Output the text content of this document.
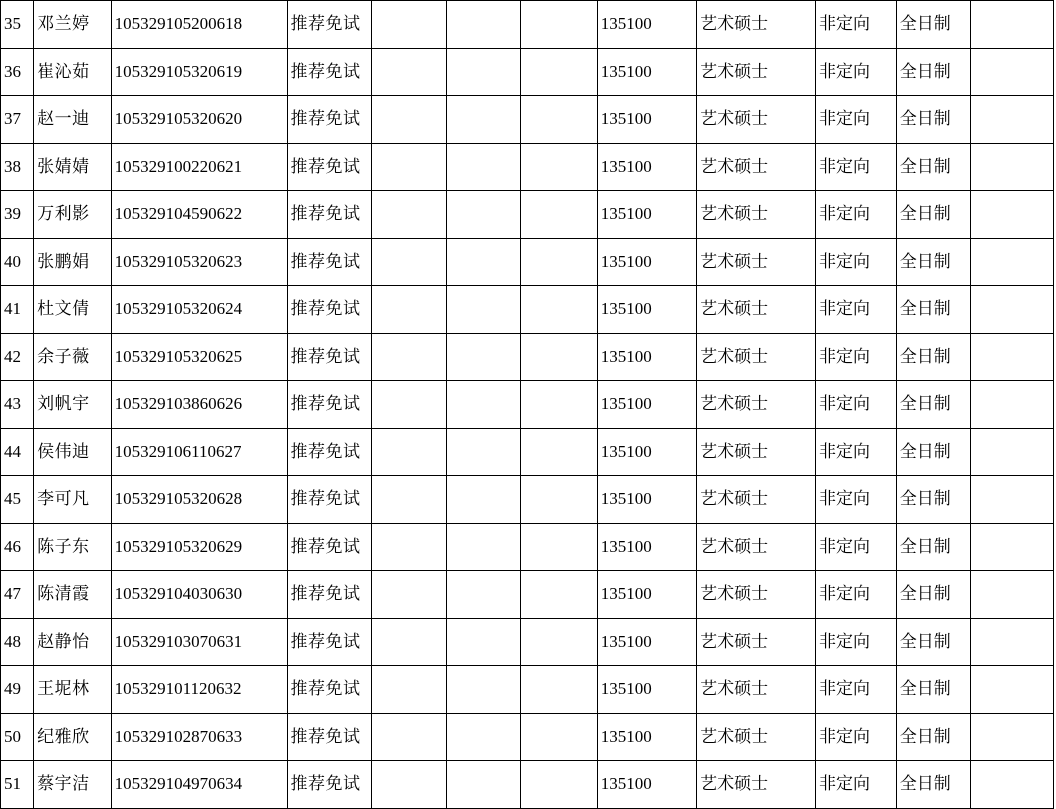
35	邓兰婷	105329105200618	推荐免试				135100	艺术硕士	非定向	全日制	
36	崔沁茹	105329105320619	推荐免试				135100	艺术硕士	非定向	全日制	
37	赵一迪	105329105320620	推荐免试				135100	艺术硕士	非定向	全日制	
38	张婧婧	105329100220621	推荐免试				135100	艺术硕士	非定向	全日制	
39	万利影	105329104590622	推荐免试				135100	艺术硕士	非定向	全日制	
40	张鹏娟	105329105320623	推荐免试				135100	艺术硕士	非定向	全日制	
41	杜文倩	105329105320624	推荐免试				135100	艺术硕士	非定向	全日制	
42	余子薇	105329105320625	推荐免试				135100	艺术硕士	非定向	全日制	
43	刘帆宇	105329103860626	推荐免试				135100	艺术硕士	非定向	全日制	
44	侯伟迪	105329106110627	推荐免试				135100	艺术硕士	非定向	全日制	
45	李可凡	105329105320628	推荐免试				135100	艺术硕士	非定向	全日制	
46	陈子东	105329105320629	推荐免试				135100	艺术硕士	非定向	全日制	
47	陈清霞	105329104030630	推荐免试				135100	艺术硕士	非定向	全日制	
48	赵静怡	105329103070631	推荐免试				135100	艺术硕士	非定向	全日制	
49	王坭林	105329101120632	推荐免试				135100	艺术硕士	非定向	全日制	
50	纪雅欣	105329102870633	推荐免试				135100	艺术硕士	非定向	全日制	
51	蔡宇洁	105329104970634	推荐免试				135100	艺术硕士	非定向	全日制	
